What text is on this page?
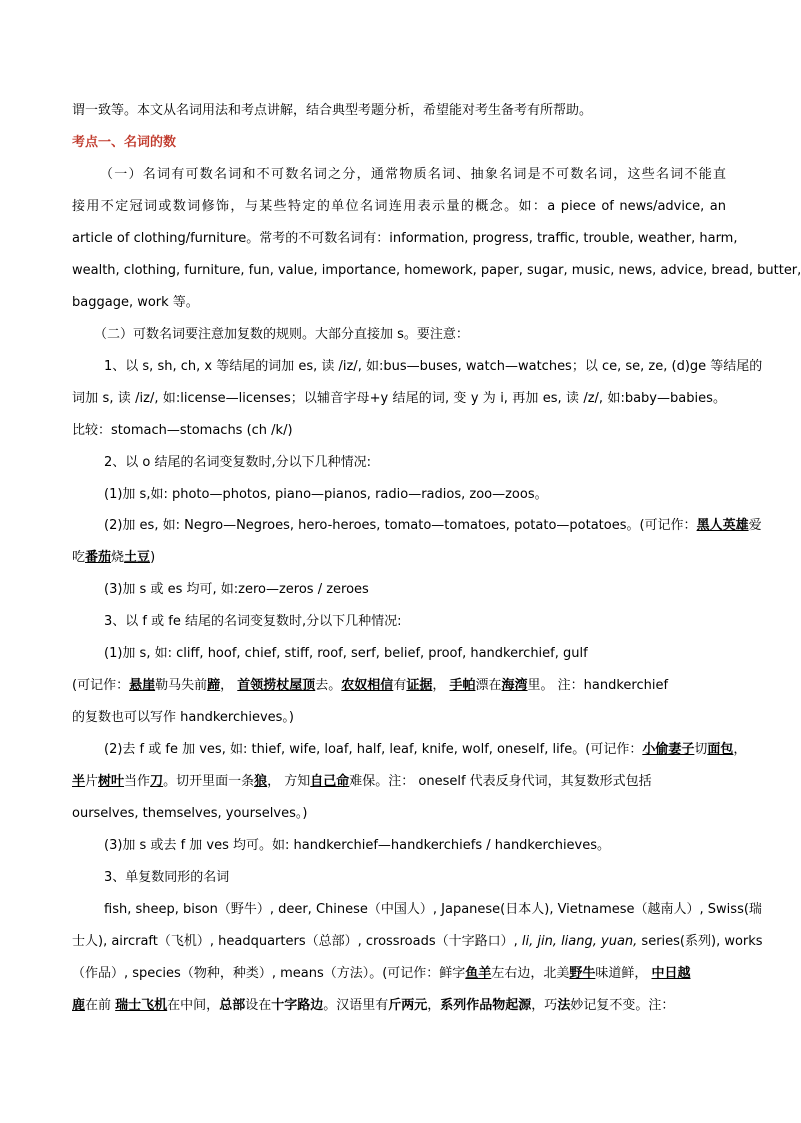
谓一致等。本文从名词用法和考点讲解，结合典型考题分析，希望能对考生备考有所帮助。
考点一、名词的数
（一）名词有可数名词和不可数名词之分，通常物质名词、抽象名词是不可数名词，这些名词不能直
接用不定冠词或数词修饰，与某些特定的单位名词连用表示量的概念。如：a piece of news/advice, an
article of clothing/furniture。常考的不可数名词有：information, progress, traffic, trouble, weather, harm,
wealth, clothing, furniture, fun, value, importance, homework, paper, sugar, music, news, advice, bread, butter,
baggage, work 等。
（二）可数名词要注意加复数的规则。大部分直接加 s。要注意：
1、以 s, sh, ch, x 等结尾的词加 es, 读 /iz/, 如:bus—buses, watch—watches；以 ce, se, ze, (d)ge 等结尾的
词加 s, 读 /iz/, 如:license—licenses；以辅音字母+y 结尾的词, 变 y 为 i, 再加 es, 读 /z/, 如:baby—babies。
比较：stomach—stomachs (ch /k/)
2、以 o 结尾的名词变复数时,分以下几种情况:
(1)加 s,如: photo—photos, piano—pianos, radio—radios, zoo—zoos。
(2)加 es, 如: Negro—Negroes, hero-heroes, tomato—tomatoes, potato—potatoes。(可记作：黑人英雄爱
吃番茄烧土豆)
(3)加 s 或 es 均可, 如:zero—zeros / zeroes
3、以 f 或 fe 结尾的名词变复数时,分以下几种情况:
(1)加 s, 如: cliff, hoof, chief, stiff, roof, serf, belief, proof, handkerchief, gulf
(可记作：悬崖勒马失前蹄， 首领捞杖屋顶去。农奴相信有证据， 手帕漂在海湾里。 注：handkerchief
的复数也可以写作 handkerchieves。)
(2)去 f 或 fe 加 ves, 如: thief, wife, loaf, half, leaf, knife, wolf, oneself, life。(可记作：小偷妻子切面包，
半片树叶当作刀。切开里面一条狼， 方知自己命难保。注： oneself 代表反身代词，其复数形式包括
ourselves, themselves, yourselves。)
(3)加 s 或去 f 加 ves 均可。如: handkerchief—handkerchiefs / handkerchieves。
3、单复数同形的名词
fish, sheep, bison（野牛）, deer, Chinese（中国人）, Japanese(日本人), Vietnamese（越南人）, Swiss(瑞
士人), aircraft（飞机）, headquarters（总部）, crossroads（十字路口）, li, jin, liang, yuan, series(系列), works
（作品）, species（物种，种类）, means（方法）。(可记作：鲜字鱼羊左右边，北美野牛味道鲜， 中日越
鹿在前 瑞士飞机在中间，总部设在十字路边。汉语里有斤两元，系列作品物起源，巧法妙记复不变。注：
